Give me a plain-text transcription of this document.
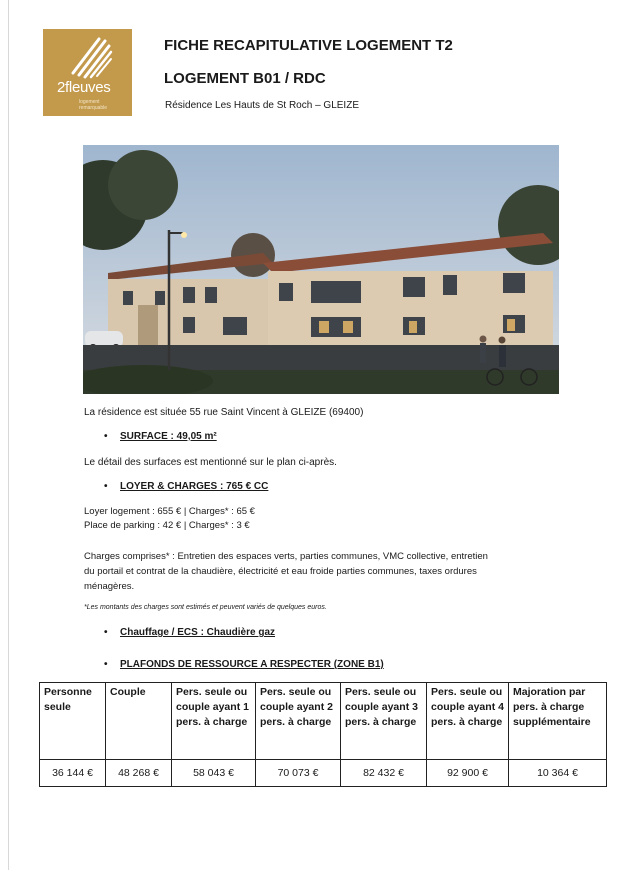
2fleuves
logement remarquable
FICHE RECAPITULATIVE LOGEMENT T2
LOGEMENT B01 / RDC
Résidence Les Hauts de St Roch – GLEIZE
La résidence est située 55 rue Saint Vincent à GLEIZE (69400)
• SURFACE : 49,05 m²
Le détail des surfaces est mentionné sur le plan ci-après.
• LOYER & CHARGES : 765 € CC
Loyer logement : 655 € | Charges* : 65 €
Place de parking : 42 € | Charges* : 3 €
Charges comprises* : Entretien des espaces verts, parties communes, VMC collective, entretien
du portail et contrat de la chaudière, électricité et eau froide parties communes, taxes ordures
ménagères.
*Les montants des charges sont estimés et peuvent variés de quelques euros.
• Chauffage / ECS : Chaudière gaz
• PLAFONDS DE RESSOURCE A RESPECTER (ZONE B1)
Personne seule	Couple	Pers. seule ou couple ayant 1 pers. à charge	Pers. seule ou couple ayant 2 pers. à charge	Pers. seule ou couple ayant 3 pers. à charge	Pers. seule ou couple ayant 4 pers. à charge	Majoration par pers. à charge supplémentaire
36 144 €	48 268 €	58 043 €	70 073 €	82 432 €	92 900 €	10 364 €
